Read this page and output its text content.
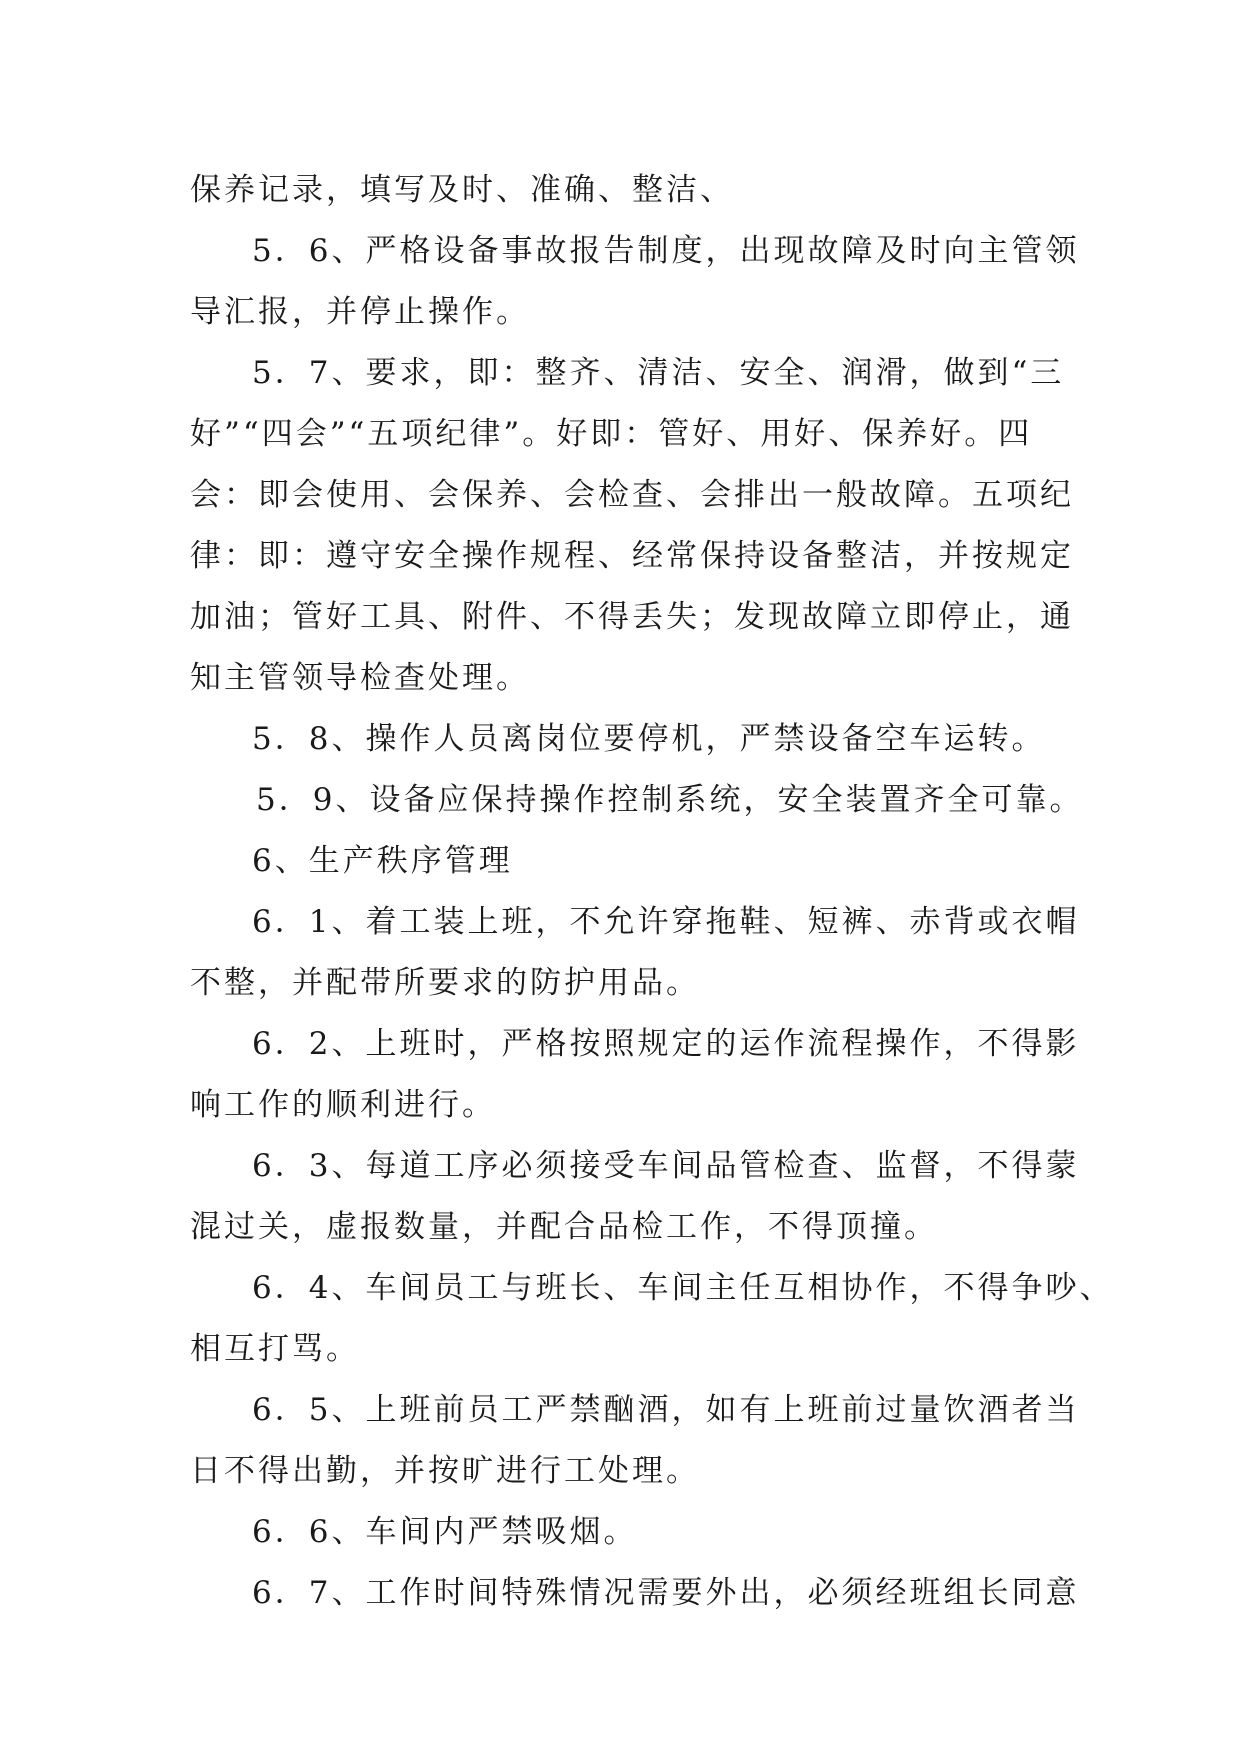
保养记录，填写及时、准确、整洁、
5．6、严格设备事故报告制度，出现故障及时向主管领
导汇报，并停止操作。
5．7、要求，即：整齐、清洁、安全、润滑，做到“三
好”“四会”“五项纪律”。好即：管好、用好、保养好。四
会：即会使用、会保养、会检查、会排出一般故障。五项纪
律：即：遵守安全操作规程、经常保持设备整洁，并按规定
加油；管好工具、附件、不得丢失；发现故障立即停止，通
知主管领导检查处理。
5．8、操作人员离岗位要停机，严禁设备空车运转。
5．9、设备应保持操作控制系统，安全装置齐全可靠。
6、生产秩序管理
6．1、着工装上班，不允许穿拖鞋、短裤、赤背或衣帽
不整，并配带所要求的防护用品。
6．2、上班时，严格按照规定的运作流程操作，不得影
响工作的顺利进行。
6．3、每道工序必须接受车间品管检查、监督，不得蒙
混过关，虚报数量，并配合品检工作，不得顶撞。
6．4、车间员工与班长、车间主任互相协作，不得争吵、
相互打骂。
6．5、上班前员工严禁酗酒，如有上班前过量饮酒者当
日不得出勤，并按旷进行工处理。
6．6、车间内严禁吸烟。
6．7、工作时间特殊情况需要外出，必须经班组长同意
